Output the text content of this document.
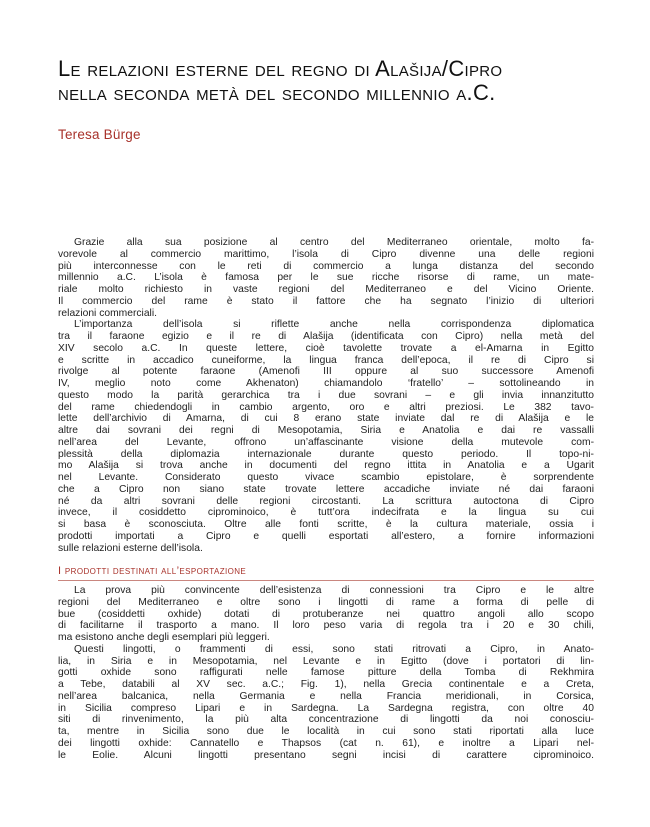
Le relazioni esterne del regno di Alašija/Cipro
nella seconda metà del secondo millennio a.C.
Teresa Bürge
Grazie alla sua posizione al centro del Mediterraneo orientale, molto fa-
vorevole al commercio marittimo, l’isola di Cipro divenne una delle regioni
più interconnesse con le reti di commercio a lunga distanza del secondo
millennio a.C. L’isola è famosa per le sue ricche risorse di rame, un mate-
riale molto richiesto in vaste regioni del Mediterraneo e del Vicino Oriente.
Il commercio del rame è stato il fattore che ha segnato l’inizio di ulteriori
relazioni commerciali.
L’importanza dell’isola si riflette anche nella corrispondenza diplomatica
tra il faraone egizio e il re di Alašija (identificata con Cipro) nella metà del
XIV secolo a.C. In queste lettere, cioè tavolette trovate a el-Amarna in Egitto
e scritte in accadico cuneiforme, la lingua franca dell’epoca, il re di Cipro si
rivolge al potente faraone (Amenofi III oppure al suo successore Amenofi
IV, meglio noto come Akhenaton) chiamandolo ‘fratello’ – sottolineando in
questo modo la parità gerarchica tra i due sovrani – e gli invia innanzitutto
del rame chiedendogli in cambio argento, oro e altri preziosi. Le 382 tavo-
lette dell’archivio di Amarna, di cui 8 erano state inviate dal re di Alašija e le
altre dai sovrani dei regni di Mesopotamia, Siria e Anatolia e dai re vassalli
nell’area del Levante, offrono un’affascinante visione della mutevole com-
plessità della diplomazia internazionale durante questo periodo. Il topo-ni-
mo Alašija si trova anche in documenti del regno ittita in Anatolia e a Ugarit
nel Levante. Considerato questo vivace scambio epistolare, è sorprendente
che a Cipro non siano state trovate lettere accadiche inviate né dai faraoni
né da altri sovrani delle regioni circostanti. La scrittura autoctona di Cipro
invece, il cosiddetto ciprominoico, è tutt’ora indecifrata e la lingua su cui
si basa è sconosciuta. Oltre alle fonti scritte, è la cultura materiale, ossia i
prodotti importati a Cipro e quelli esportati all’estero, a fornire informazioni
sulle relazioni esterne dell’isola.
I prodotti destinati all’esportazione
La prova più convincente dell’esistenza di connessioni tra Cipro e le altre
regioni del Mediterraneo e oltre sono i lingotti di rame a forma di pelle di
bue (cosiddetti oxhide) dotati di protuberanze nei quattro angoli allo scopo
di facilitarne il trasporto a mano. Il loro peso varia di regola tra i 20 e 30 chili,
ma esistono anche degli esemplari più leggeri.
Questi lingotti, o frammenti di essi, sono stati ritrovati a Cipro, in Anato-
lia, in Siria e in Mesopotamia, nel Levante e in Egitto (dove i portatori di lin-
gotti oxhide sono raffigurati nelle famose pitture della Tomba di Rekhmira
a Tebe, databili al XV sec. a.C.; Fig. 1), nella Grecia continentale e a Creta,
nell’area balcanica, nella Germania e nella Francia meridionali, in Corsica,
in Sicilia compreso Lipari e in Sardegna. La Sardegna registra, con oltre 40
siti di rinvenimento, la più alta concentrazione di lingotti da noi conosciu-
ta, mentre in Sicilia sono due le località in cui sono stati riportati alla luce
dei lingotti oxhide: Cannatello e Thapsos (cat n. 61), e inoltre a Lipari nel-
le Eolie. Alcuni lingotti presentano segni incisi di carattere ciprominoico.
